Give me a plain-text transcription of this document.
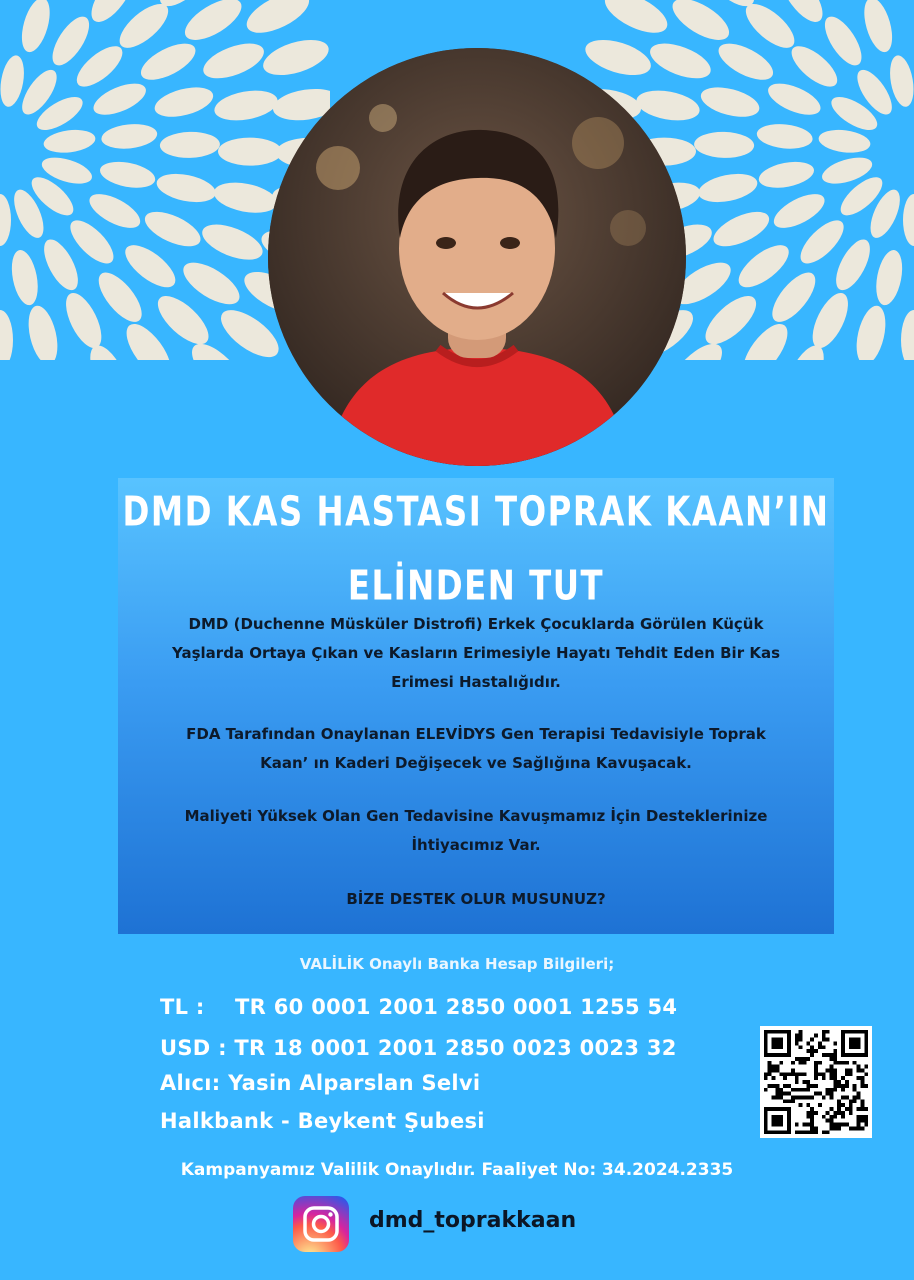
DMD KAS HASTASI TOPRAK KAAN’IN
ELİNDEN TUT
DMD (Duchenne Müsküler Distrofi) Erkek Çocuklarda Görülen Küçük
Yaşlarda Ortaya Çıkan ve Kasların Erimesiyle Hayatı Tehdit Eden Bir Kas
Erimesi Hastalığıdır.
FDA Tarafından Onaylanan ELEVİDYS Gen Terapisi Tedavisiyle Toprak
Kaan’ ın Kaderi Değişecek ve Sağlığına Kavuşacak.
Maliyeti Yüksek Olan Gen Tedavisine Kavuşmamız İçin Desteklerinize
İhtiyacımız Var.
BİZE DESTEK OLUR MUSUNUZ?
VALİLİK Onaylı Banka Hesap Bilgileri;
TL :    TR 60 0001 2001 2850 0001 1255 54
USD : TR 18 0001 2001 2850 0023 0023 32
Alıcı: Yasin Alparslan Selvi
Halkbank - Beykent Şubesi
Kampanyamız Valilik Onaylıdır. Faaliyet No: 34.2024.2335
dmd_toprakkaan
